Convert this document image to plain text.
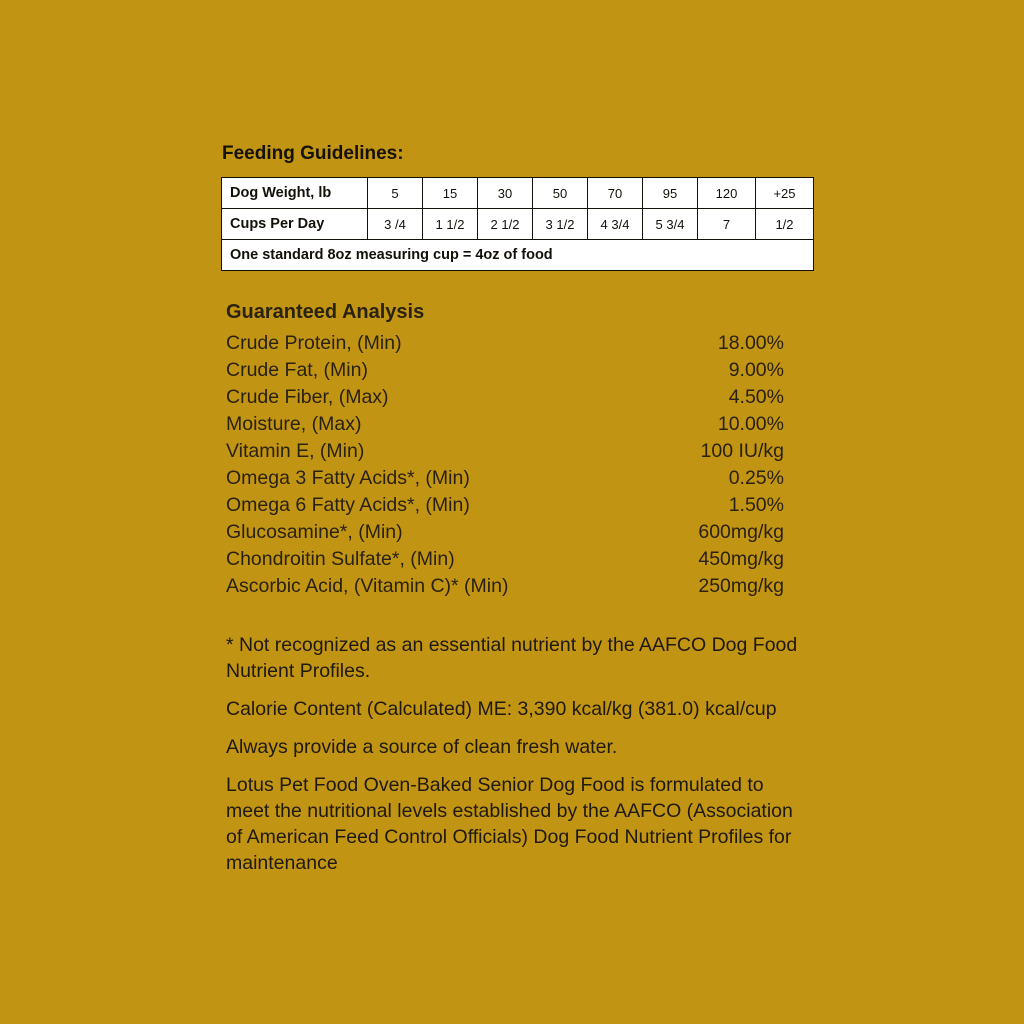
Feeding Guidelines:
Dog Weight, lb	5	15	30	50	70	95	120	+25
Cups Per Day	3 /4	1 1/2	2 1/2	3 1/2	4 3/4	5 3/4	7	1/2
One standard 8oz measuring cup = 4oz of food								
Guaranteed Analysis
Crude Protein, (Min)	18.00%
Crude Fat, (Min)	9.00%
Crude Fiber, (Max)	4.50%
Moisture, (Max)	10.00%
Vitamin E, (Min)	100 IU/kg
Omega 3 Fatty Acids*, (Min)	0.25%
Omega 6 Fatty Acids*, (Min)	1.50%
Glucosamine*, (Min)	600mg/kg
Chondroitin Sulfate*, (Min)	450mg/kg
Ascorbic Acid, (Vitamin C)* (Min)	250mg/kg

* Not recognized as an essential nutrient by the AAFCO Dog Food Nutrient Profiles.

Calorie Content (Calculated) ME: 3,390 kcal/kg (381.0) kcal/cup

Always provide a source of clean fresh water.

Lotus Pet Food Oven-Baked Senior Dog Food is formulated to meet the nutritional levels established by the AAFCO (Association of American Feed Control Officials) Dog Food Nutrient Profiles for maintenance
